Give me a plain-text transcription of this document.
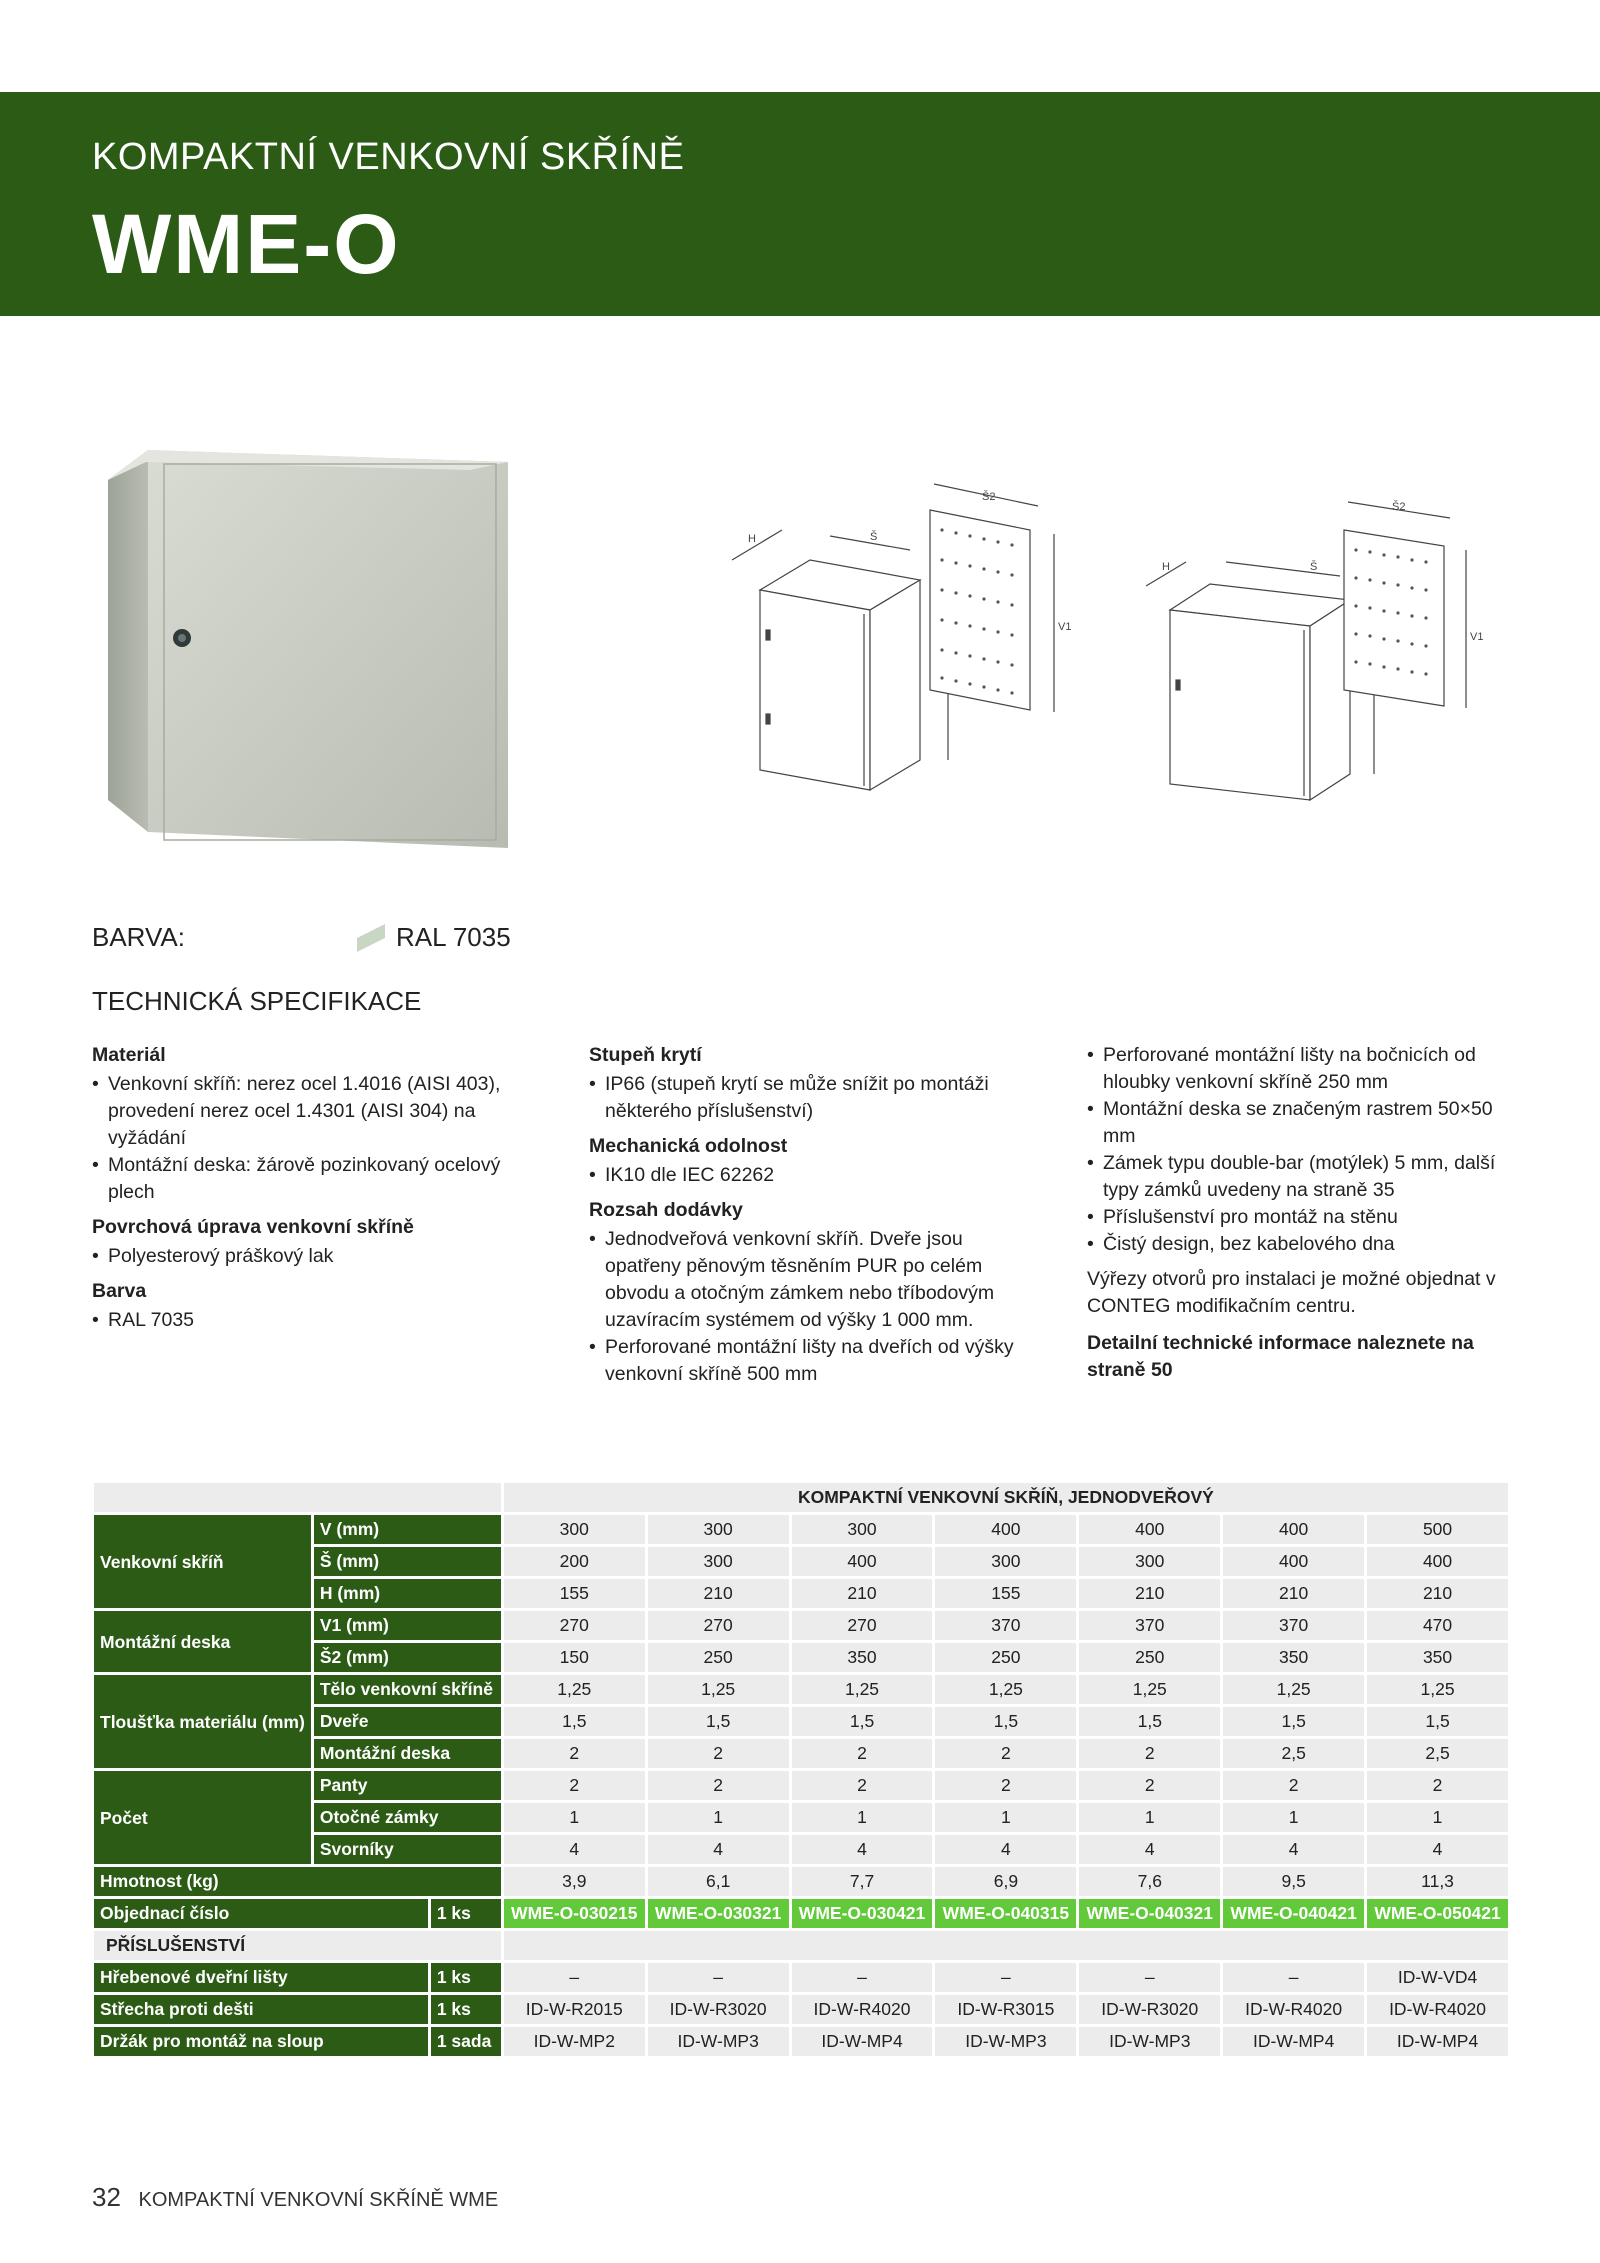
KOMPAKTNÍ VENKOVNÍ SKŘÍNĚ
WME-O
H	Š
Š2
V1
H	Š
Š2
V1
BARVA:	RAL 7035
TECHNICKÁ SPECIFIKACE
Materiál
• Venkovní skříň: nerez ocel 1.4016 (AISI 403), provedení nerez ocel 1.4301 (AISI 304) na vyžádání
• Montážní deska: žárově pozinkovaný ocelový plech
Povrchová úprava venkovní skříně
• Polyesterový práškový lak
Barva
• RAL 7035
Stupeň krytí
• IP66 (stupeň krytí se může snížit po montáži některého příslušenství)
Mechanická odolnost
• IK10 dle IEC 62262
Rozsah dodávky
• Jednodveřová venkovní skříň. Dveře jsou opatřeny pěnovým těsněním PUR po celém obvodu a otočným zámkem nebo tříbodovým uzavíracím systémem od výšky 1 000 mm.
• Perforované montážní lišty na dveřích od výšky venkovní skříně 500 mm
• Perforované montážní lišty na bočnicích od hloubky venkovní skříně 250 mm
• Montážní deska se značeným rastrem 50×50 mm
• Zámek typu double-bar (motýlek) 5 mm, další typy zámků uvedeny na straně 35
• Příslušenství pro montáž na stěnu
• Čistý design, bez kabelového dna

Výřezy otvorů pro instalaci je možné objednat v CONTEG modifikačním centru.

Detailní technické informace naleznete na straně 50

			KOMPAKTNÍ VENKOVNÍ SKŘÍŇ, JEDNODVEŘOVÝ						
Venkovní skříň	V (mm)		300	300	300	400	400	400	500
	Š (mm)		200	300	400	300	300	400	400
	H (mm)		155	210	210	155	210	210	210
Montážní deska	V1 (mm)		270	270	270	370	370	370	470
	Š2 (mm)		150	250	350	250	250	350	350
Tloušťka materiálu (mm)	Tělo venkovní skříně		1,25	1,25	1,25	1,25	1,25	1,25	1,25
	Dveře		1,5	1,5	1,5	1,5	1,5	1,5	1,5
	Montážní deska		2	2	2	2	2	2,5	2,5
Počet	Panty		2	2	2	2	2	2	2
	Otočné zámky		1	1	1	1	1	1	1
	Svorníky		4	4	4	4	4	4	4
Hmotnost (kg)			3,9	6,1	7,7	6,9	7,6	9,5	11,3
Objednací číslo		1 ks	WME-O-030215	WME-O-030321	WME-O-030421	WME-O-040315	WME-O-040321	WME-O-040421	WME-O-050421
PŘÍSLUŠENSTVÍ									
Hřebenové dveřní lišty		1 ks	–	–	–	–	–	–	ID-W-VD4
Střecha proti dešti		1 ks	ID-W-R2015	ID-W-R3020	ID-W-R4020	ID-W-R3015	ID-W-R3020	ID-W-R4020	ID-W-R4020
Držák pro montáž na sloup		1 sada	ID-W-MP2	ID-W-MP3	ID-W-MP4	ID-W-MP3	ID-W-MP3	ID-W-MP4	ID-W-MP4
32 KOMPAKTNÍ VENKOVNÍ SKŘÍNĚ WME
